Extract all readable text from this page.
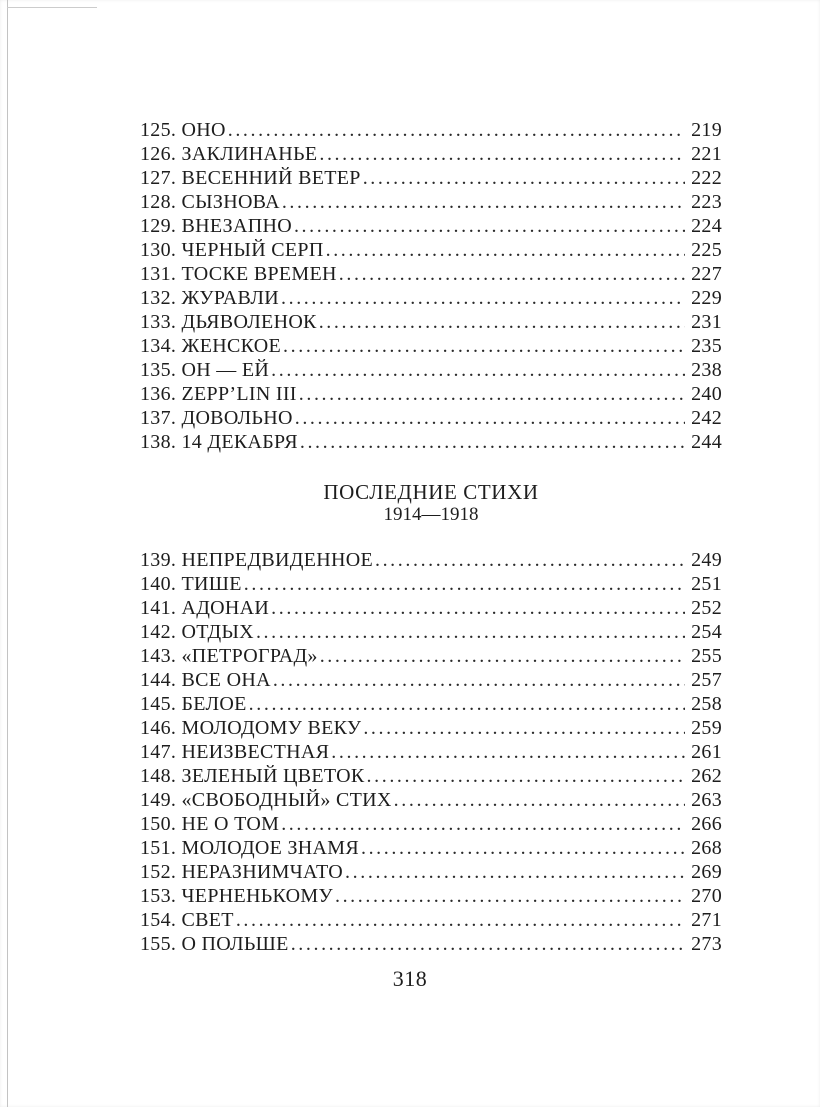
125. ОНО .....	219
126. ЗАКЛИНАНЬЕ .....	221
127. ВЕСЕННИЙ ВЕТЕР .....	222
128. СЫЗНОВА .....	223
129. ВНЕЗАПНО .....	224
130. ЧЕРНЫЙ СЕРП .....	225
131. ТОСКЕ ВРЕМЕН .....	227
132. ЖУРАВЛИ .....	229
133. ДЬЯВОЛЕНОК .....	231
134. ЖЕНСКОЕ .....	235
135. ОН — ЕЙ .....	238
136. ZEPP’LIN III .....	240
137. ДОВОЛЬНО .....	242
138. 14 ДЕКАБРЯ .....	244
ПОСЛЕДНИЕ СТИХИ
1914—1918
139. НЕПРЕДВИДЕННОЕ .....	249
140. ТИШЕ .....	251
141. АДОНАИ .....	252
142. ОТДЫХ .....	254
143. «ПЕТРОГРАД» .....	255
144. ВСЕ ОНА .....	257
145. БЕЛОЕ .....	258
146. МОЛОДОМУ ВЕКУ .....	259
147. НЕИЗВЕСТНАЯ .....	261
148. ЗЕЛЕНЫЙ ЦВЕТОК .....	262
149. «СВОБОДНЫЙ» СТИХ .....	263
150. НЕ О ТОМ .....	266
151. МОЛОДОЕ ЗНАМЯ .....	268
152. НЕРАЗНИМЧАТО .....	269
153. ЧЕРНЕНЬКОМУ .....	270
154. СВЕТ .....	271
155. О ПОЛЬШЕ .....	273
318
